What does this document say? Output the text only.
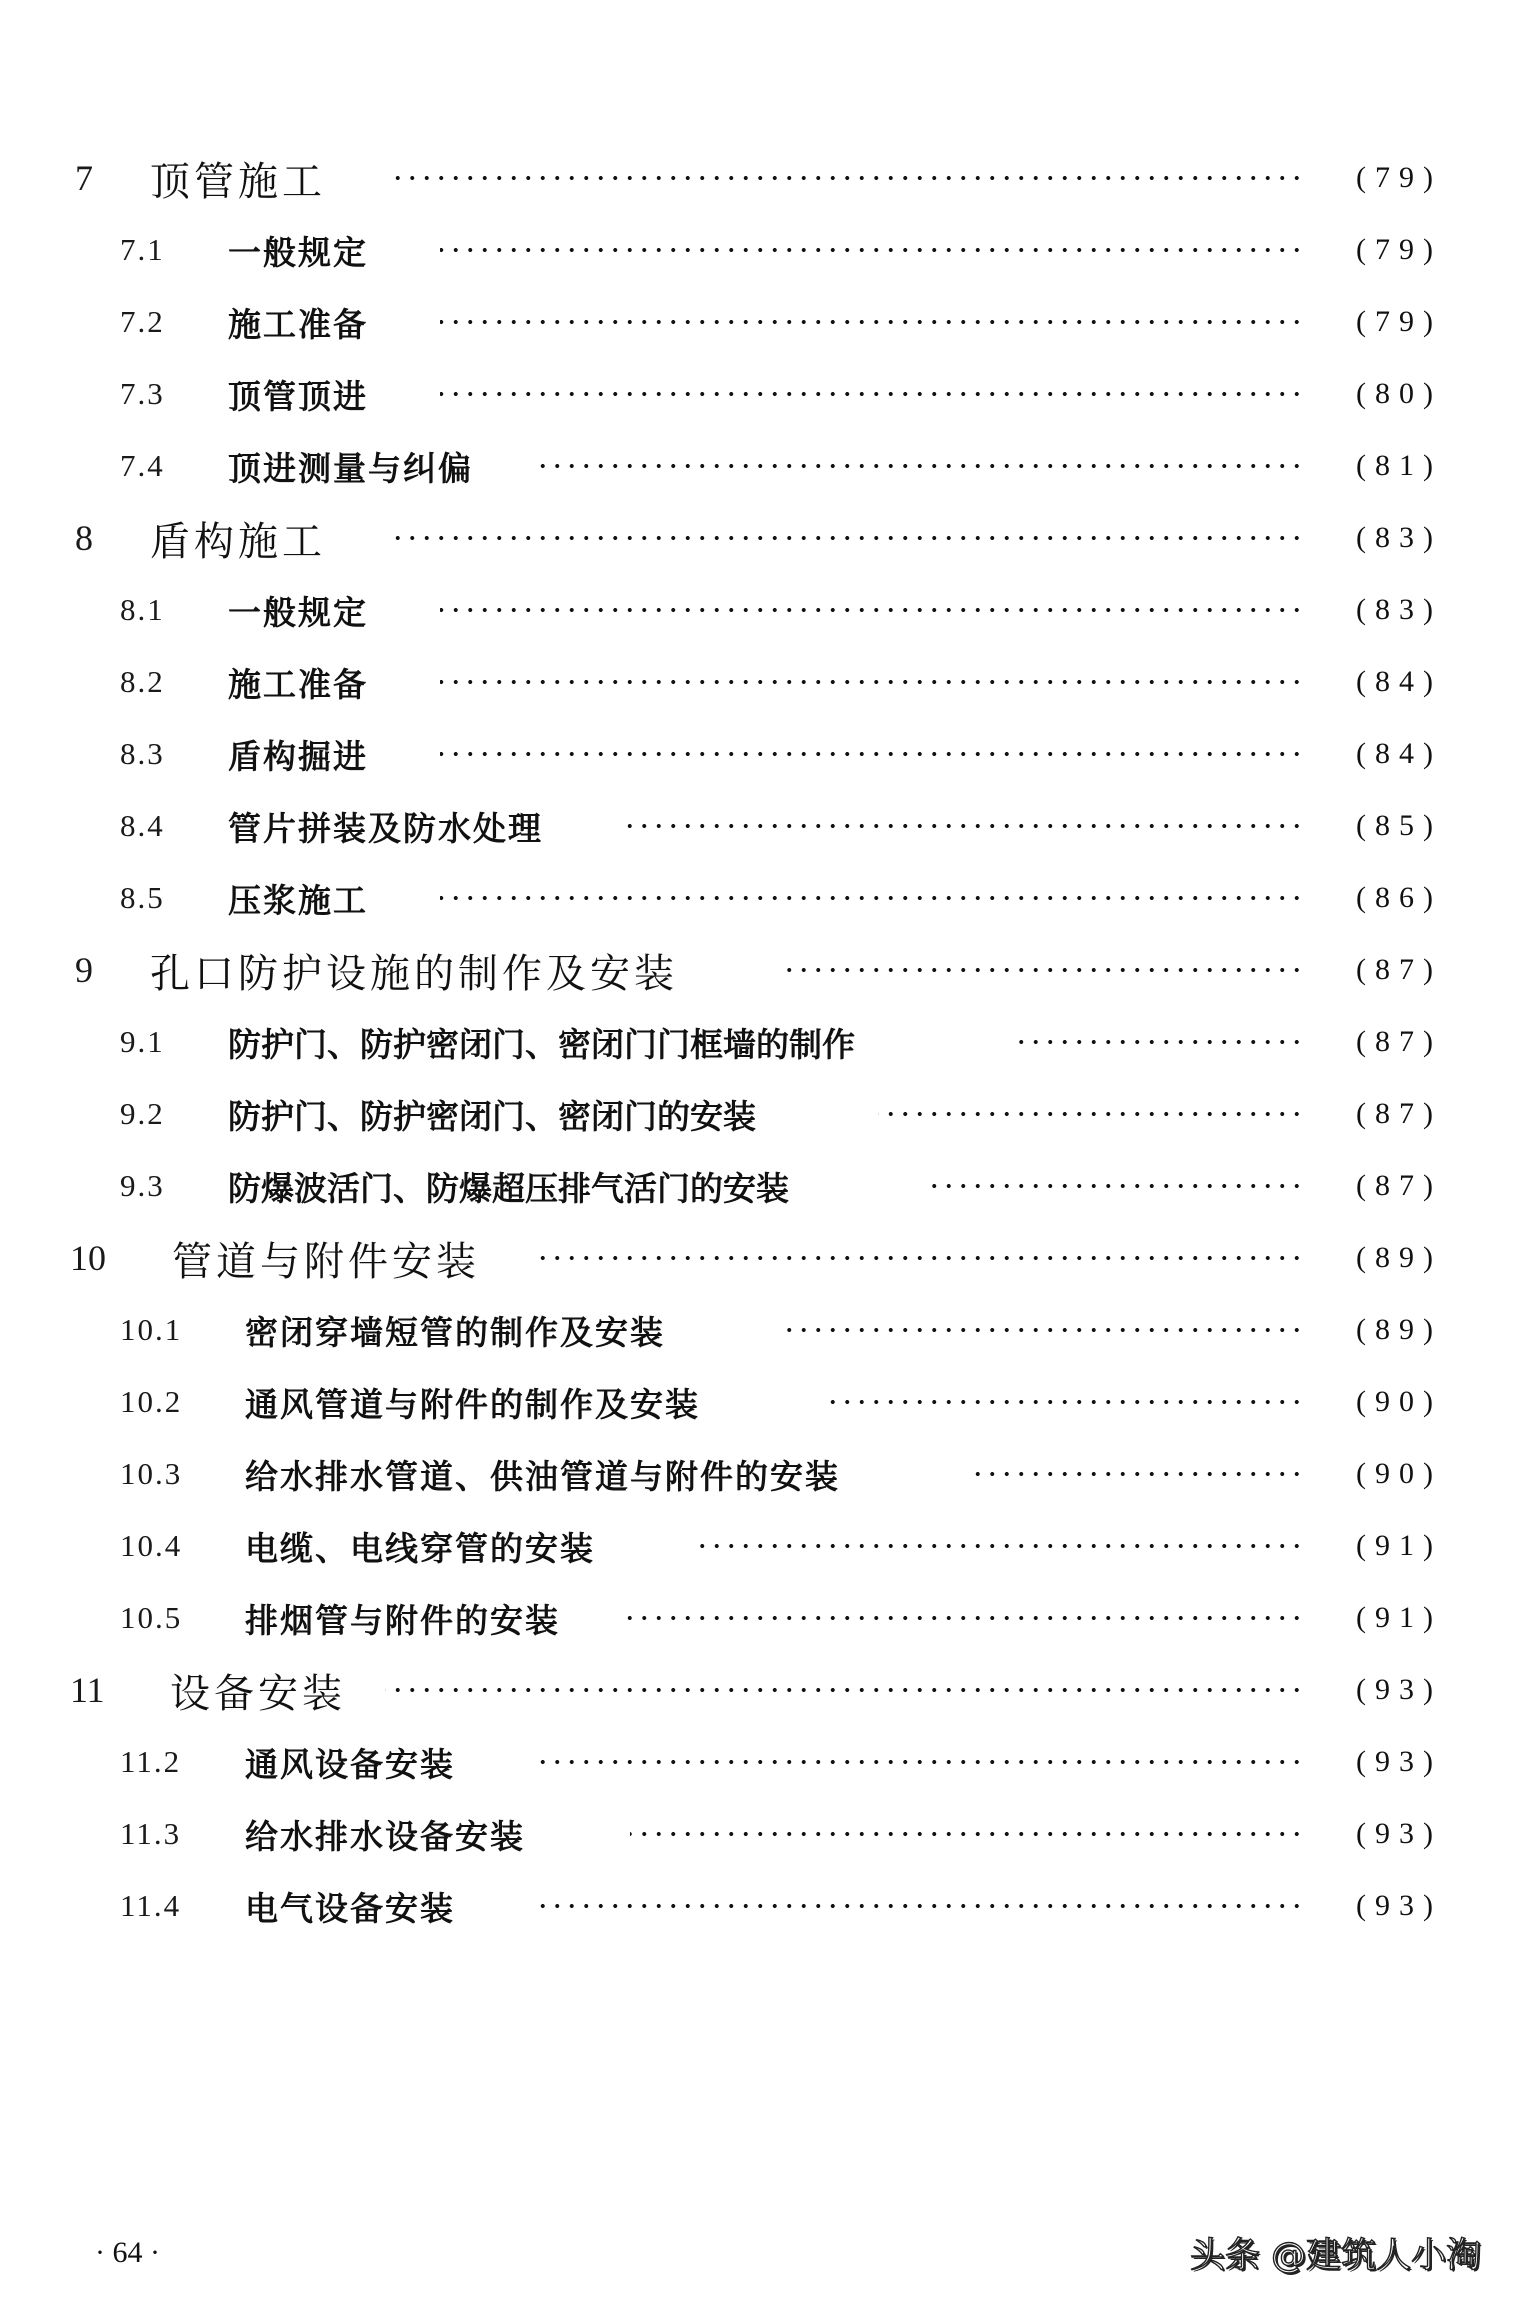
7 顶管施工	(79)
7.1 一般规定	(79)
7.2 施工准备	(79)
7.3 顶管顶进	(80)
7.4 顶进测量与纠偏	(81)
8 盾构施工	(83)
8.1 一般规定	(83)
8.2 施工准备	(84)
8.3 盾构掘进	(84)
8.4 管片拼装及防水处理	(85)
8.5 压浆施工	(86)
9 孔口防护设施的制作及安装	(87)
9.1 防护门、防护密闭门、密闭门门框墙的制作	(87)
9.2 防护门、防护密闭门、密闭门的安装	(87)
9.3 防爆波活门、防爆超压排气活门的安装	(87)
10 管道与附件安装	(89)
10.1 密闭穿墙短管的制作及安装	(89)
10.2 通风管道与附件的制作及安装	(90)
10.3 给水排水管道、供油管道与附件的安装	(90)
10.4 电缆、电线穿管的安装	(91)
10.5 排烟管与附件的安装	(91)
11 设备安装	(93)
11.2 通风设备安装	(93)
11.3 给水排水设备安装	(93)
11.4 电气设备安装	(93)
· 64 ·	头条 @建筑人小淘
